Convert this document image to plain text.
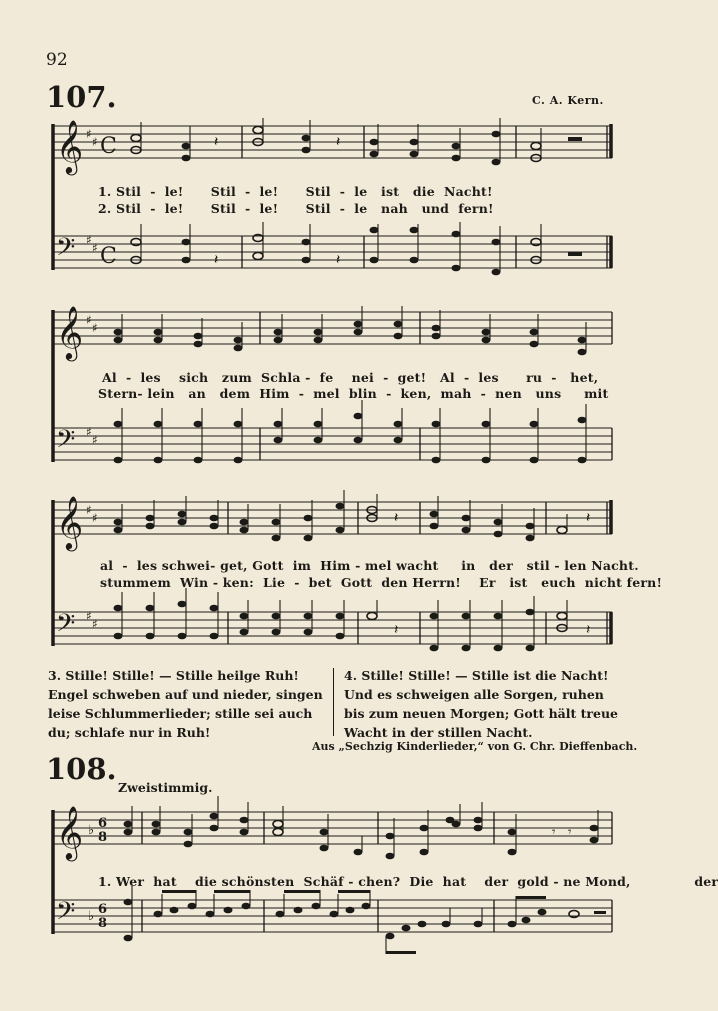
92
107.	C. A. Kern.
𝄞
𝄢
♯
♯
♯
♯
C
C
𝄽	𝄽
𝄽	𝄽
1. Stil  -  le!      Stil  -  le!      Stil  -  le   ist   die  Nacht!
2. Stil  -  le!      Stil  -  le!      Stil  -  le   nah   und  fern!
𝄞
𝄢
♯
♯
♯
♯
Al  -  les    sich   zum  Schla -  fe    nei  -  get!   Al  -  les      ru  -   het,
Stern- lein   an   dem  Him  -  mel  blin  -  ken,  mah  -  nen   uns     mit
𝄞
𝄢
♯
♯
♯
♯
𝄽	𝄽
𝄽	𝄽
al  -  les schwei- get, Gott  im  Him - mel wacht     in   der   stil - len Nacht.
stummem  Win - ken:  Lie  -  bet  Gott  den Herrn!    Er   ist   euch  nicht fern!
3. Stille! Stille! — Stille heilge Ruh! Engel schweben auf und nieder, singen leise Schlummerlieder; stille sei auch du; schlafe nur in Ruh!
4. Stille! Stille! — Stille ist die Nacht! Und es schweigen alle Sorgen, ruhen bis zum neuen Morgen; Gott hält treue Wacht in der stillen Nacht.
Aus „Sechzig Kinderlieder,“ von G. Chr. Dieffenbach.
108.
Zweistimmig.
𝄞
𝄢
♭
♭
6
8
6
8
𝄾 𝄾
1. Wer  hat    die schönsten  Schäf - chen?  Die  hat    der  gold - ne Mond,              der
